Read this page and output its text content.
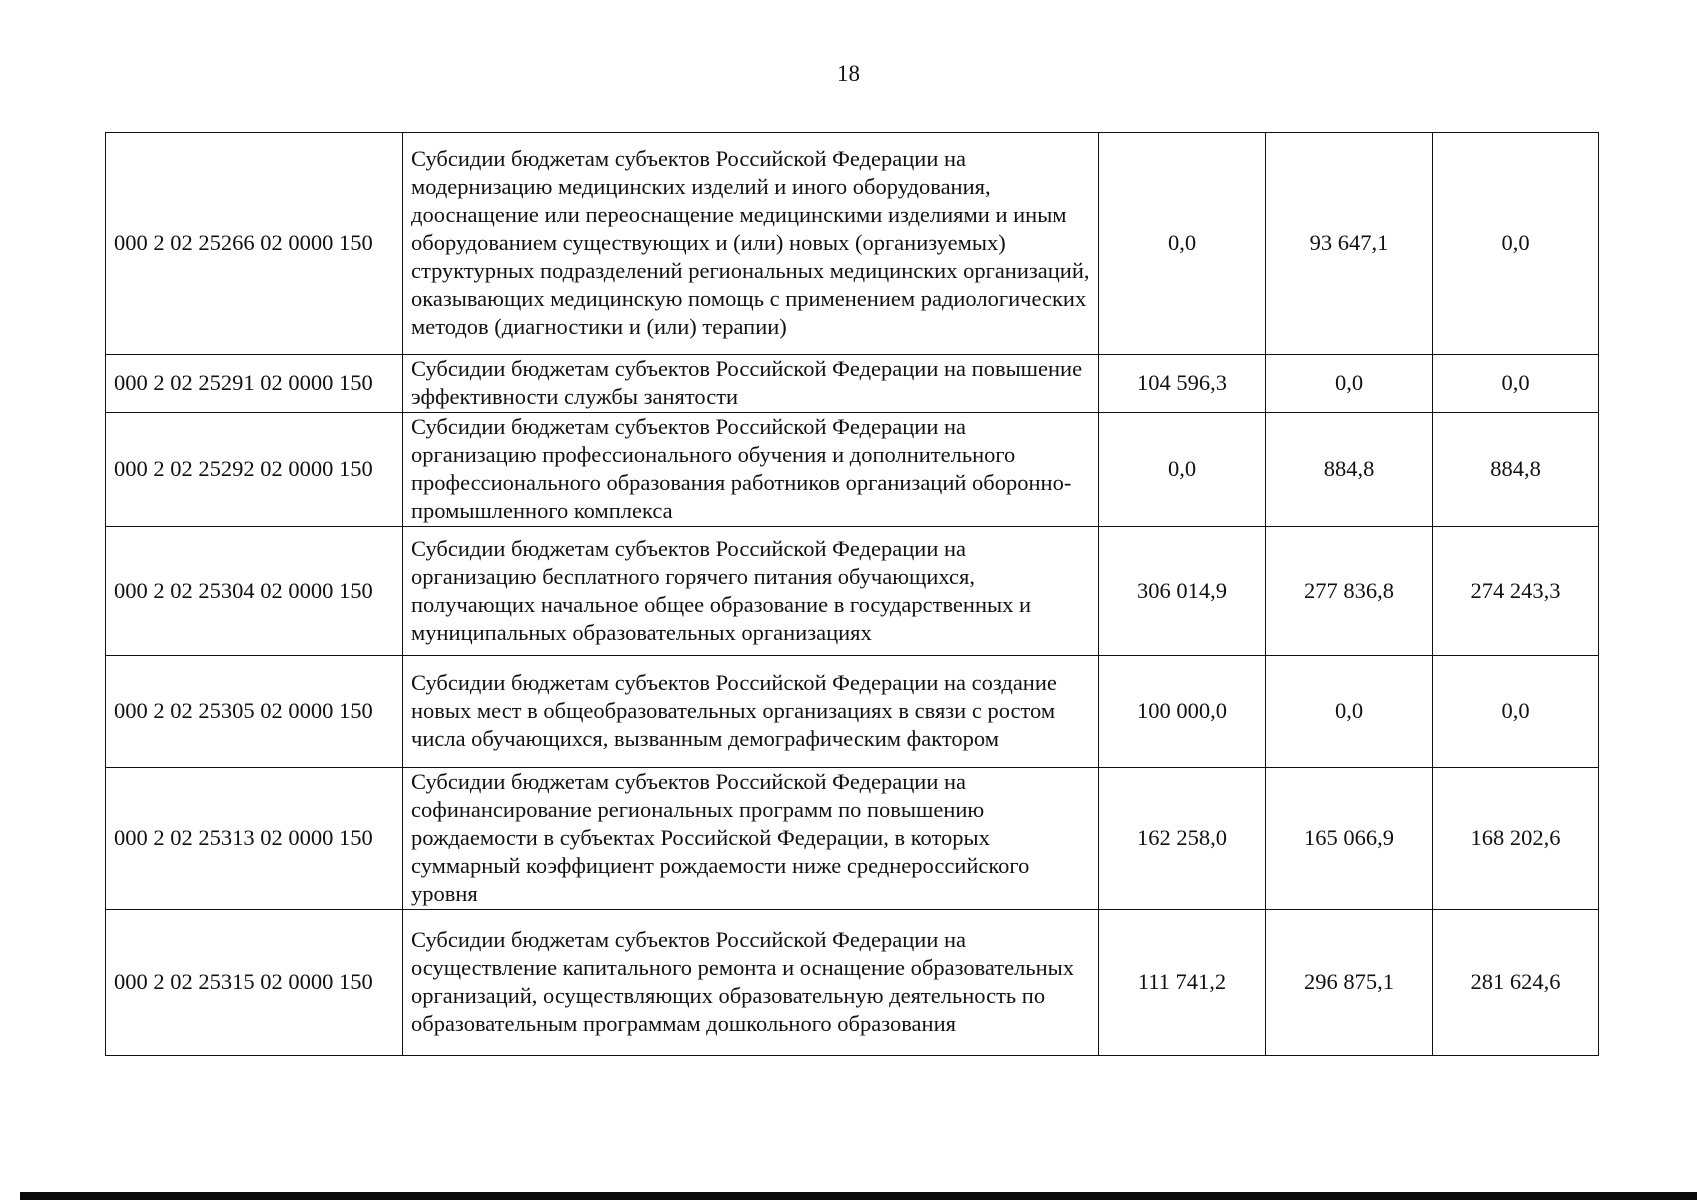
18
000 2 02 25266 02 0000 150	Субсидии бюджетам субъектов Российской Федерации на модернизацию медицинских изделий и иного оборудования, дооснащение или переоснащение медицинскими изделиями и иным оборудованием существующих и (или) новых (организуемых) структурных подразделений региональных медицинских организаций, оказывающих медицинскую помощь с применением радиологических методов (диагностики и (или) терапии)	0,0	93 647,1	0,0
000 2 02 25291 02 0000 150	Субсидии бюджетам субъектов Российской Федерации на повышение эффективности службы занятости	104 596,3	0,0	0,0
000 2 02 25292 02 0000 150	Субсидии бюджетам субъектов Российской Федерации на организацию профессионального обучения и дополнительного профессионального образования работников организаций оборонно-промышленного комплекса	0,0	884,8	884,8
000 2 02 25304 02 0000 150	Субсидии бюджетам субъектов Российской Федерации на организацию бесплатного горячего питания обучающихся, получающих начальное общее образование в государственных и муниципальных образовательных организациях	306 014,9	277 836,8	274 243,3
000 2 02 25305 02 0000 150	Субсидии бюджетам субъектов Российской Федерации на создание новых мест в общеобразовательных организациях в связи с ростом числа обучающихся, вызванным демографическим фактором	100 000,0	0,0	0,0
000 2 02 25313 02 0000 150	Субсидии бюджетам субъектов Российской Федерации на софинансирование региональных программ по повышению рождаемости в субъектах Российской Федерации, в которых суммарный коэффициент рождаемости ниже среднероссийского уровня	162 258,0	165 066,9	168 202,6
000 2 02 25315 02 0000 150	Субсидии бюджетам субъектов Российской Федерации на осуществление капитального ремонта и оснащение образовательных организаций, осуществляющих образовательную деятельность по образовательным программам дошкольного образования	111 741,2	296 875,1	281 624,6
